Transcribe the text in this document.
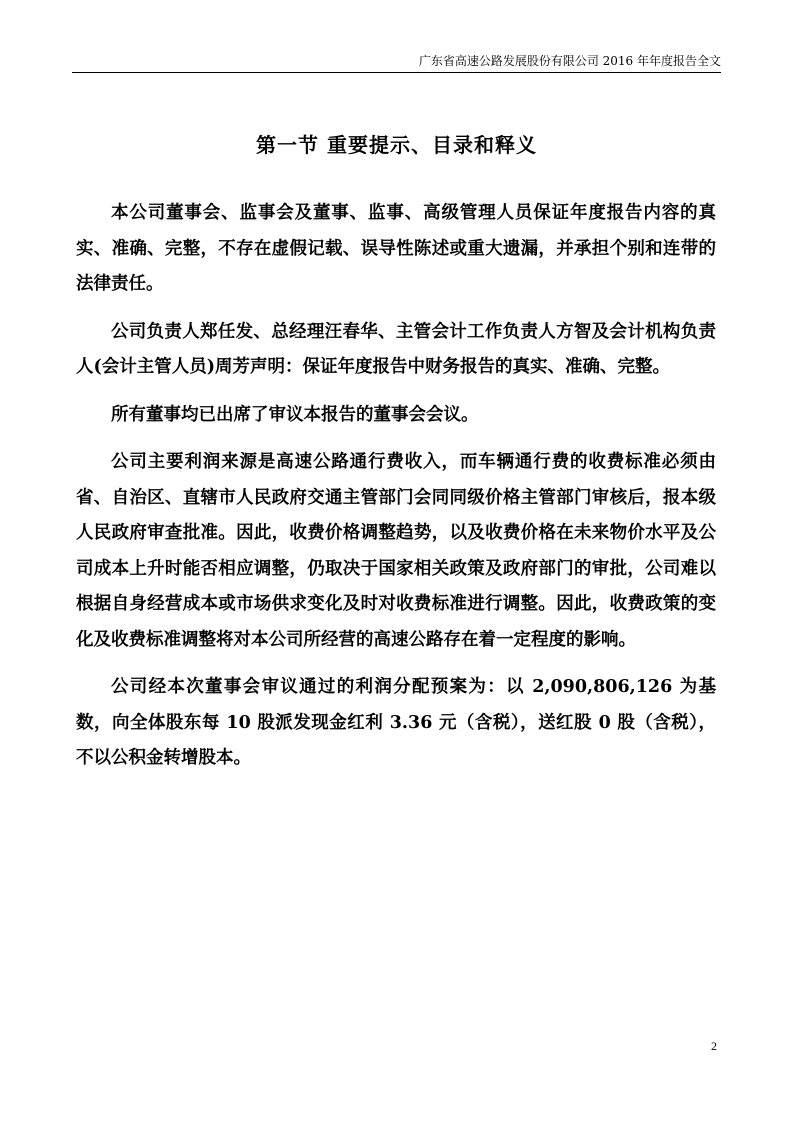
广东省高速公路发展股份有限公司 2016 年年度报告全文
第一节 重要提示、目录和释义

本公司董事会、监事会及董事、监事、高级管理人员保证年度报告内容的真实、准确、完整，不存在虚假记载、误导性陈述或重大遗漏，并承担个别和连带的法律责任。

公司负责人郑任发、总经理汪春华、主管会计工作负责人方智及会计机构负责人(会计主管人员)周芳声明：保证年度报告中财务报告的真实、准确、完整。

所有董事均已出席了审议本报告的董事会会议。

公司主要利润来源是高速公路通行费收入，而车辆通行费的收费标准必须由省、自治区、直辖市人民政府交通主管部门会同同级价格主管部门审核后，报本级人民政府审查批准。因此，收费价格调整趋势，以及收费价格在未来物价水平及公司成本上升时能否相应调整，仍取决于国家相关政策及政府部门的审批，公司难以根据自身经营成本或市场供求变化及时对收费标准进行调整。因此，收费政策的变化及收费标准调整将对本公司所经营的高速公路存在着一定程度的影响。

公司经本次董事会审议通过的利润分配预案为：以 2,090,806,126 为基数，向全体股东每 10 股派发现金红利 3.36 元（含税），送红股 0 股（含税），不以公积金转增股本。

2
